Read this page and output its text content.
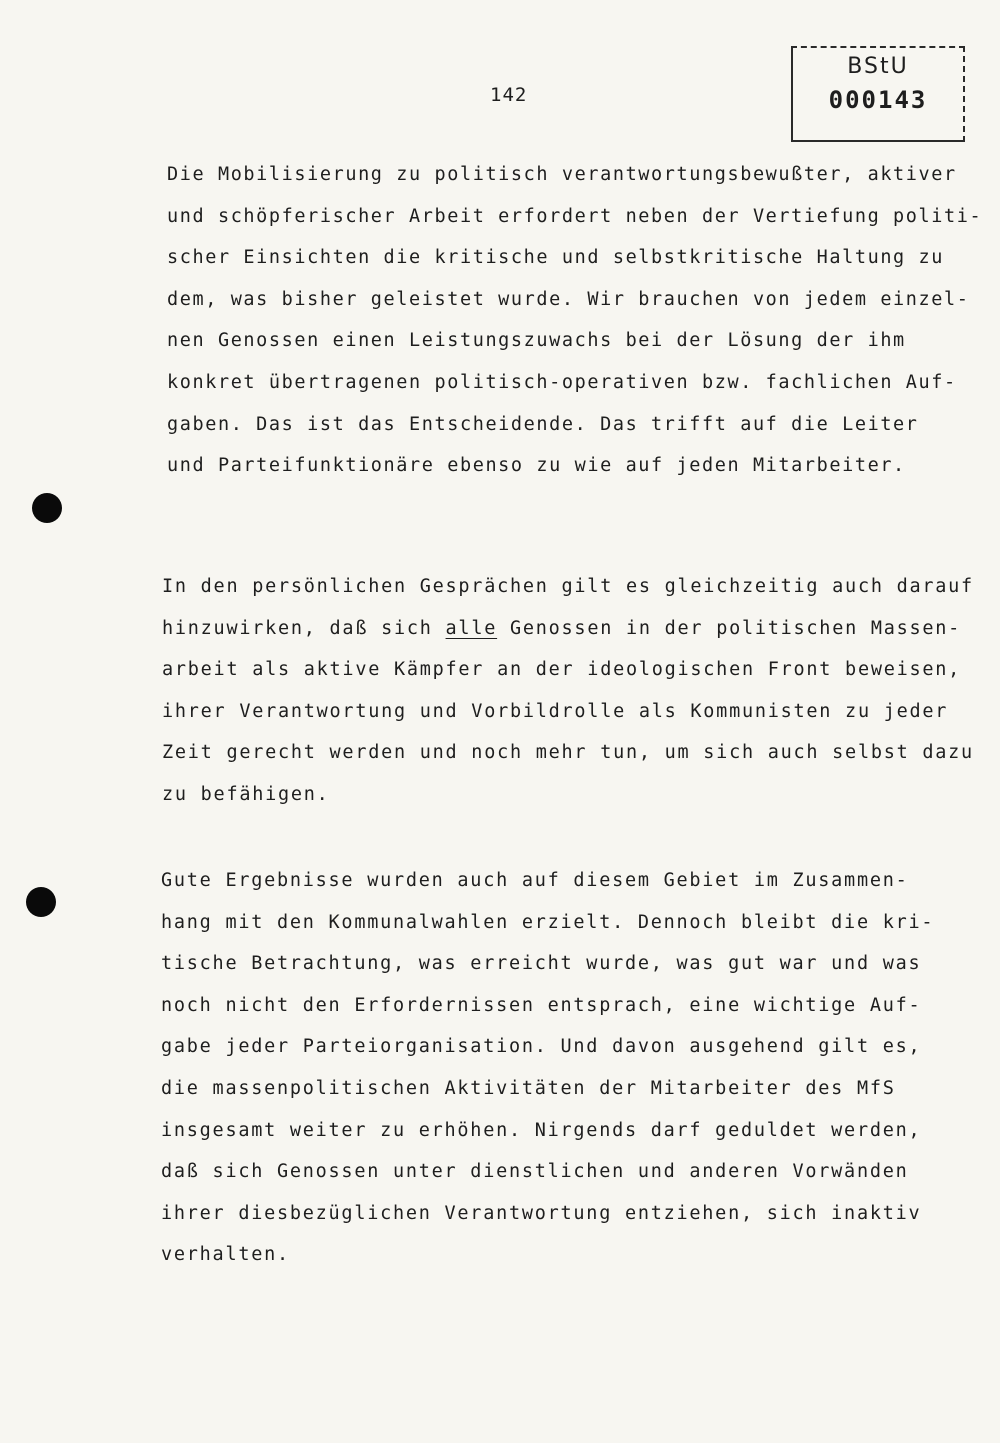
142
BStU
000143
Die Mobilisierung zu politisch verantwortungsbewußter, aktiver
und schöpferischer Arbeit erfordert neben der Vertiefung politi-
scher Einsichten die kritische und selbstkritische Haltung zu
dem, was bisher geleistet wurde. Wir brauchen von jedem einzel-
nen Genossen einen Leistungszuwachs bei der Lösung der ihm
konkret übertragenen politisch-operativen bzw. fachlichen Auf-
gaben. Das ist das Entscheidende. Das trifft auf die Leiter
und Parteifunktionäre ebenso zu wie auf jeden Mitarbeiter.
In den persönlichen Gesprächen gilt es gleichzeitig auch darauf
hinzuwirken, daß sich alle Genossen in der politischen Massen-
arbeit als aktive Kämpfer an der ideologischen Front beweisen,
ihrer Verantwortung und Vorbildrolle als Kommunisten zu jeder
Zeit gerecht werden und noch mehr tun, um sich auch selbst dazu
zu befähigen.
Gute Ergebnisse wurden auch auf diesem Gebiet im Zusammen-
hang mit den Kommunalwahlen erzielt. Dennoch bleibt die kri-
tische Betrachtung, was erreicht wurde, was gut war und was
noch nicht den Erfordernissen entsprach, eine wichtige Auf-
gabe jeder Parteiorganisation. Und davon ausgehend gilt es,
die massenpolitischen Aktivitäten der Mitarbeiter des MfS
insgesamt weiter zu erhöhen. Nirgends darf geduldet werden,
daß sich Genossen unter dienstlichen und anderen Vorwänden
ihrer diesbezüglichen Verantwortung entziehen, sich inaktiv
verhalten.
